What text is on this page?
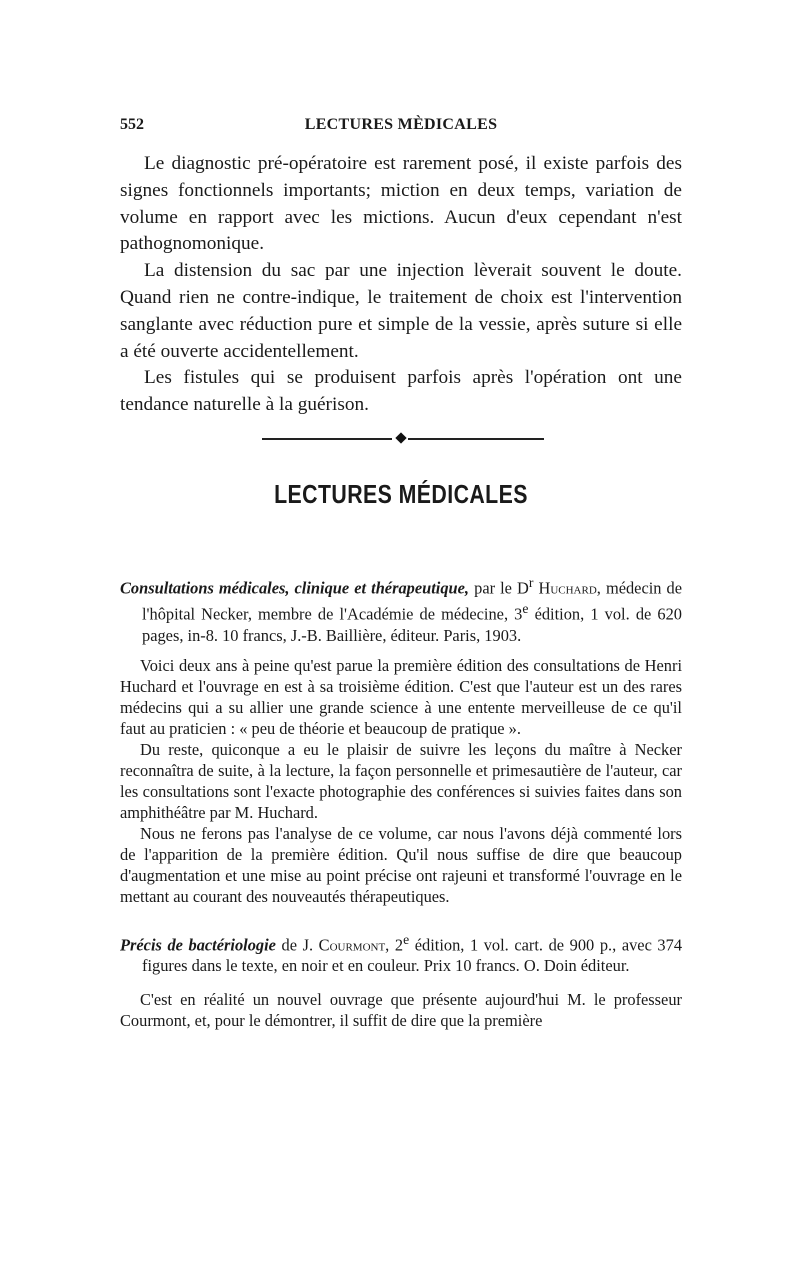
552	LECTURES MÈDICALES

Le diagnostic pré-opératoire est rarement posé, il existe parfois des signes fonctionnels importants; miction en deux temps, variation de volume en rapport avec les mictions. Aucun d'eux cependant n'est pathognomonique.

La distension du sac par une injection lèverait souvent le doute. Quand rien ne contre-indique, le traitement de choix est l'intervention sanglante avec réduction pure et simple de la vessie, après suture si elle a été ouverte accidentellement.

Les fistules qui se produisent parfois après l'opération ont une tendance naturelle à la guérison.

LECTURES MÉDICALES

Consultations médicales, clinique et thérapeutique, par le $D^r$ Huchard, médecin de l'hôpital Necker, membre de l'Académie de médecine, 3e édition, 1 vol. de 620 pages, in-8. 10 francs, J.-B. Baillière, éditeur. Paris, 1903.

Voici deux ans à peine qu'est parue la première édition des consultations de Henri Huchard et l'ouvrage en est à sa troisième édition. C'est que l'auteur est un des rares médecins qui a su allier une grande science à une entente merveilleuse de ce qu'il faut au praticien : « peu de théorie et beaucoup de pratique ».

Du reste, quiconque a eu le plaisir de suivre les leçons du maître à Necker reconnaîtra de suite, à la lecture, la façon personnelle et primesautière de l'auteur, car les consultations sont l'exacte photographie des conférences si suivies faites dans son amphithéâtre par M. Huchard.

Nous ne ferons pas l'analyse de ce volume, car nous l'avons déjà commenté lors de l'apparition de la première édition. Qu'il nous suffise de dire que beaucoup d'augmentation et une mise au point précise ont rajeuni et transformé l'ouvrage en le mettant au courant des nouveautés thérapeutiques.

Précis de bactériologie de J. Courmont, 2e édition, 1 vol. cart. de 900 p., avec 374 figures dans le texte, en noir et en couleur. Prix 10 francs. O. Doin éditeur.

C'est en réalité un nouvel ouvrage que présente aujourd'hui M. le professeur Courmont, et, pour le démontrer, il suffit de dire que la première
